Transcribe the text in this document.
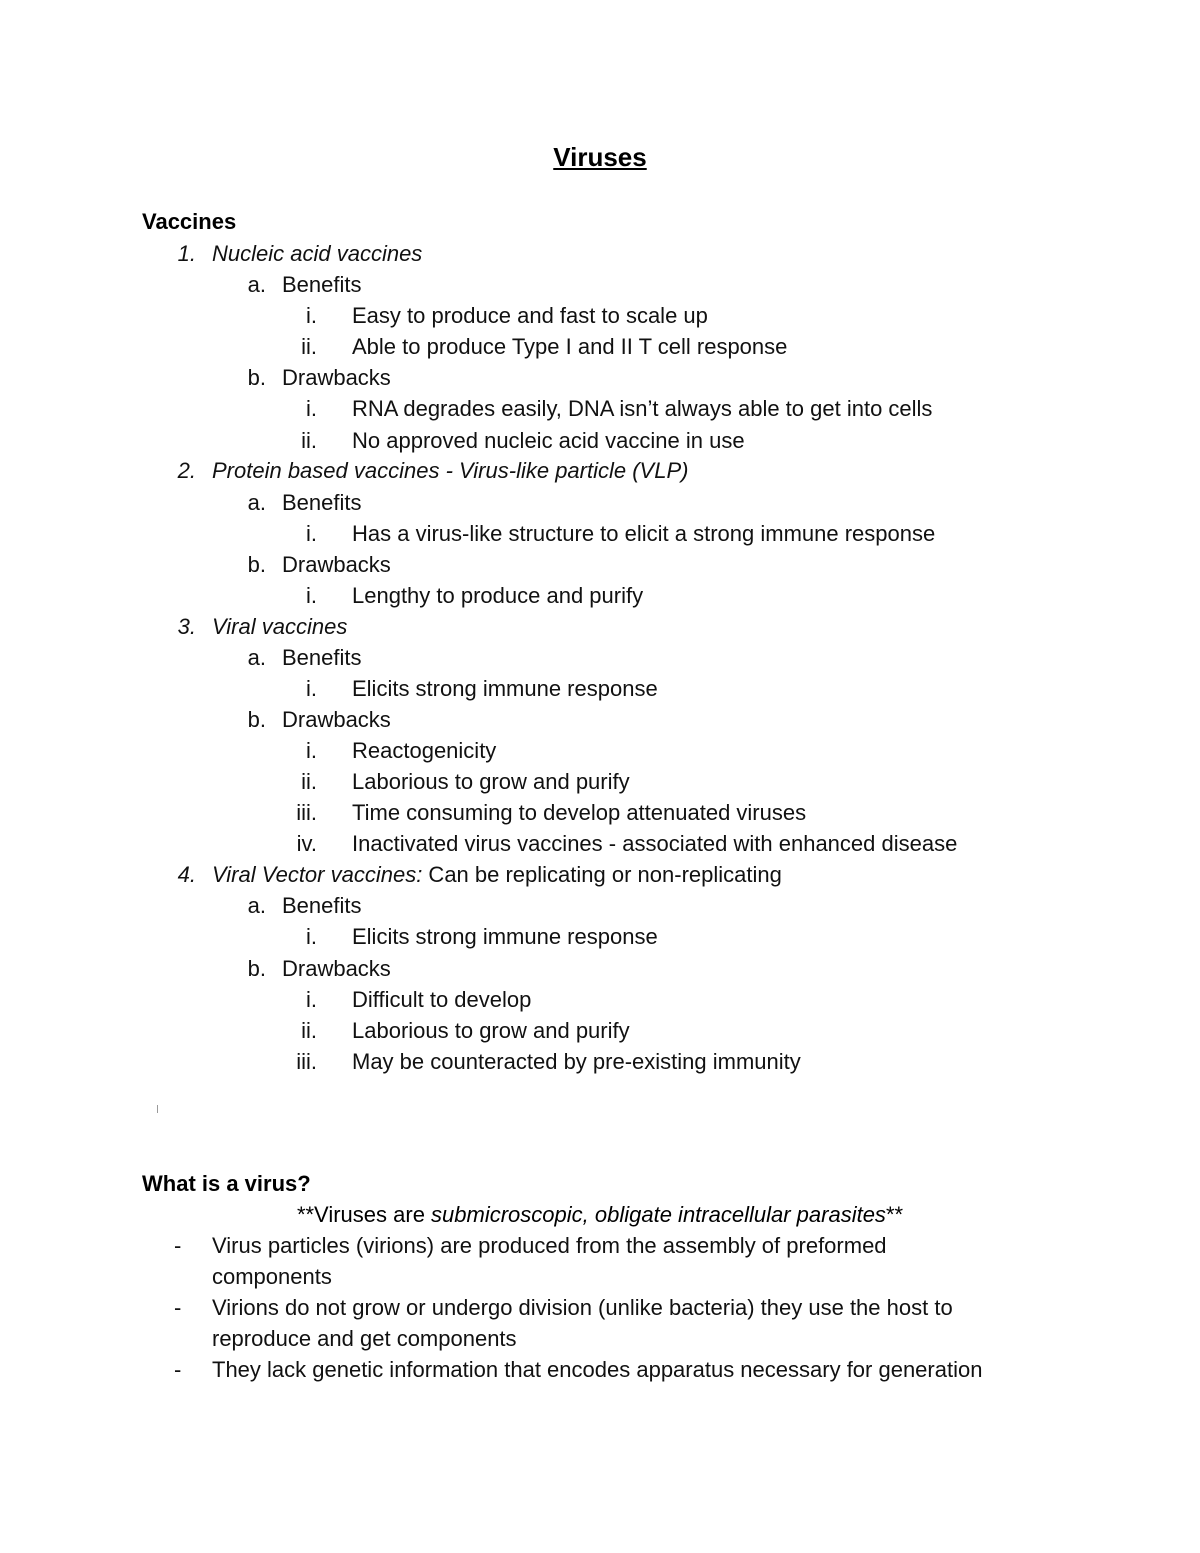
Viruses
Vaccines
1. Nucleic acid vaccines
a. Benefits
i. Easy to produce and fast to scale up
ii. Able to produce Type I and II T cell response
b. Drawbacks
i. RNA degrades easily, DNA isn’t always able to get into cells
ii. No approved nucleic acid vaccine in use
2. Protein based vaccines - Virus-like particle (VLP)
a. Benefits
i. Has a virus-like structure to elicit a strong immune response
b. Drawbacks
i. Lengthy to produce and purify
3. Viral vaccines
a. Benefits
i. Elicits strong immune response
b. Drawbacks
i. Reactogenicity
ii. Laborious to grow and purify
iii. Time consuming to develop attenuated viruses
iv. Inactivated virus vaccines - associated with enhanced disease
4. Viral Vector vaccines: Can be replicating or non-replicating
a. Benefits
i. Elicits strong immune response
b. Drawbacks
i. Difficult to develop
ii. Laborious to grow and purify
iii. May be counteracted by pre-existing immunity
What is a virus?
**Viruses are submicroscopic, obligate intracellular parasites**
- Virus particles (virions) are produced from the assembly of preformed
components
- Virions do not grow or undergo division (unlike bacteria) they use the host to
reproduce and get components
- They lack genetic information that encodes apparatus necessary for generation
